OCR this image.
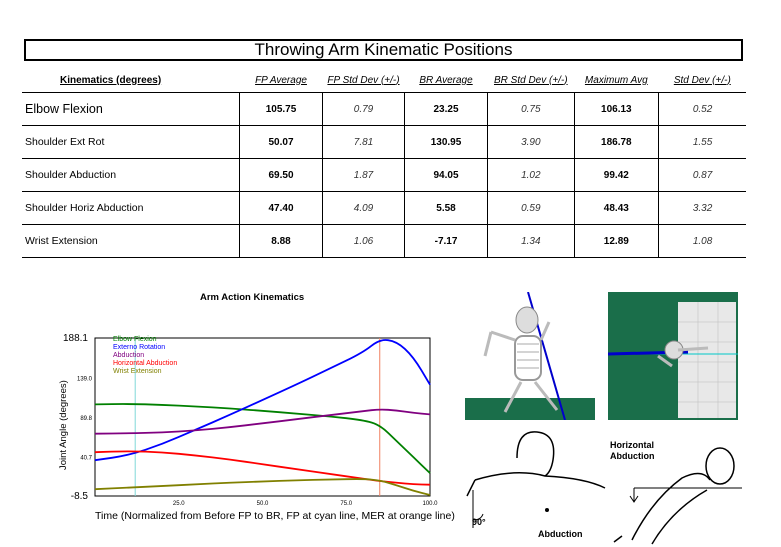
Throwing Arm Kinematic Positions
Kinematics (degrees)	FP Average	FP Std Dev (+/-)	BR Average	BR Std Dev (+/-)	Maximum Avg	Std Dev (+/-)
Elbow Flexion	105.75	0.79	23.25	0.75	106.13	0.52
Shoulder Ext Rot	50.07	7.81	130.95	3.90	186.78	1.55
Shoulder Abduction	69.50	1.87	94.05	1.02	99.42	0.87
Shoulder Horiz Abduction	47.40	4.09	5.58	0.59	48.43	3.32
Wrist Extension	8.88	1.06	-7.17	1.34	12.89	1.08
Arm Action Kinematics
188.1
139.0
89.8
40.7
-8.5
25.0	50.0	75.0	100.0
Elbow Flexion
Externo Rotation
Abduction
Horizontal Abduction
Wrist Extension
Joint Angle (degrees)
Time (Normalized from Before FP to BR, FP at cyan line, MER at orange line) 90°
Abduction
Horizontal Abduction
